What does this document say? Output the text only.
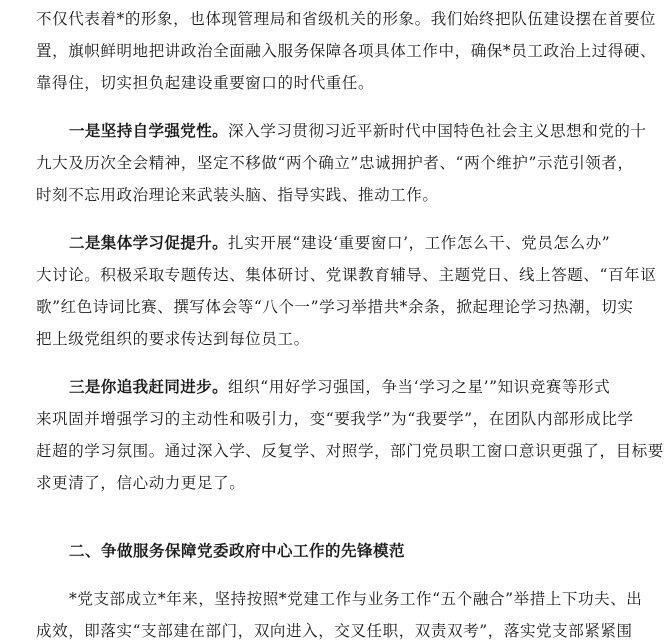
不仅代表着*的形象，也体现管理局和省级机关的形象。我们始终把队伍建设摆在首要位
置，旗帜鲜明地把讲政治全面融入服务保障各项具体工作中，确保*员工政治上过得硬、
靠得住，切实担负起建设重要窗口的时代重任。
一是坚持自学强党性。深入学习贯彻习近平新时代中国特色社会主义思想和党的十
九大及历次全会精神，坚定不移做“两个确立”忠诚拥护者、“两个维护”示范引领者，
时刻不忘用政治理论来武装头脑、指导实践、推动工作。
二是集体学习促提升。扎实开展“建设‘重要窗口’，工作怎么干、党员怎么办”
大讨论。积极采取专题传达、集体研讨、党课教育辅导、主题党日、线上答题、“百年讴
歌”红色诗词比赛、撰写体会等“八个一”学习举措共*余条，掀起理论学习热潮，切实
把上级党组织的要求传达到每位员工。
三是你追我赶同进步。组织“用好学习强国，争当‘学习之星’”知识竞赛等形式
来巩固并增强学习的主动性和吸引力，变“要我学”为“我要学”，在团队内部形成比学
赶超的学习氛围。通过深入学、反复学、对照学，部门党员职工窗口意识更强了，目标要
求更清了，信心动力更足了。
二、争做服务保障党委政府中心工作的先锋模范
*党支部成立*年来，坚持按照*党建工作与业务工作“五个融合”举措上下功夫、出
成效，即落实“支部建在部门，双向进入，交叉任职，双责双考”，落实党支部紧紧围
